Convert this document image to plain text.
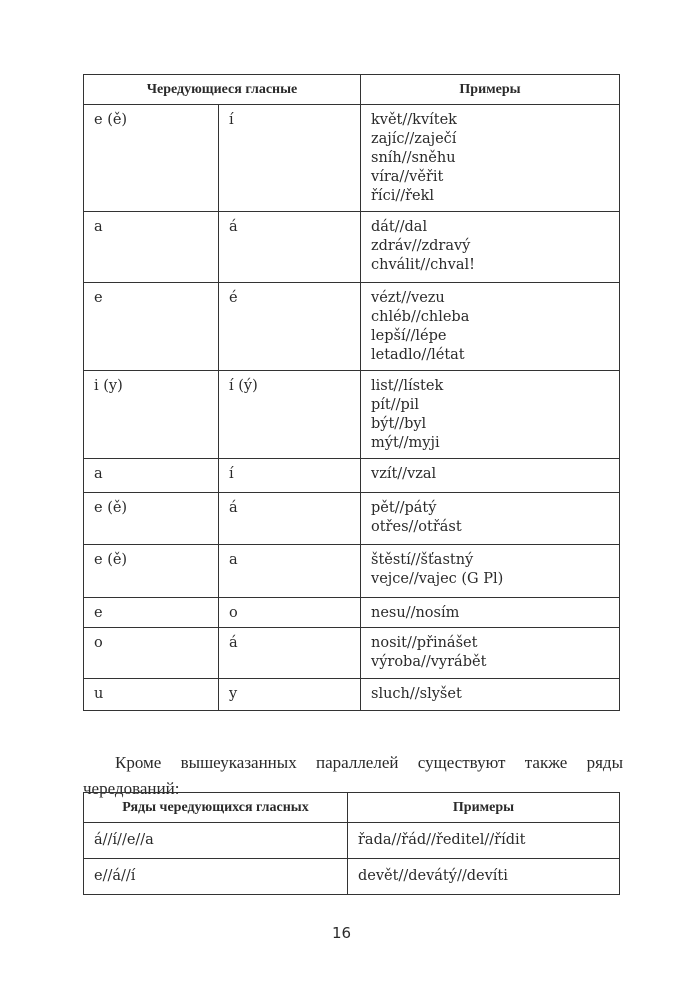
Чередующиеся гласные		Примеры
e (ě)	í	květ//kvítek
zajíc//zaječí
sníh//sněhu
víra//věřit
říci//řekl

a	á	dát//dal
zdráv//zdravý
chválit//chval!

e	é	vézt//vezu
chléb//chleba
lepší//lépe
letadlo//létat

i (y)	í (ý)	list//lístek
pít//pil
být//byl
mýt//myji

a	í	vzít//vzal

e (ě)	á	pět//pátý
otřes//otřást

e (ě)	a	štěstí//šťastný
vejce//vajec (G Pl)

e	o	nesu//nosím

o	á	nosit//přinášet
výroba//vyrábět

u	y	sluch//slyšet

Кроме вышеуказанных параллелей существуют также ряды чередований:

Ряды чередующихся гласных	Примеры
á//í//e//a	řada//řád//ředitel//řídit
e//á//í	devět//devátý//devíti
16
